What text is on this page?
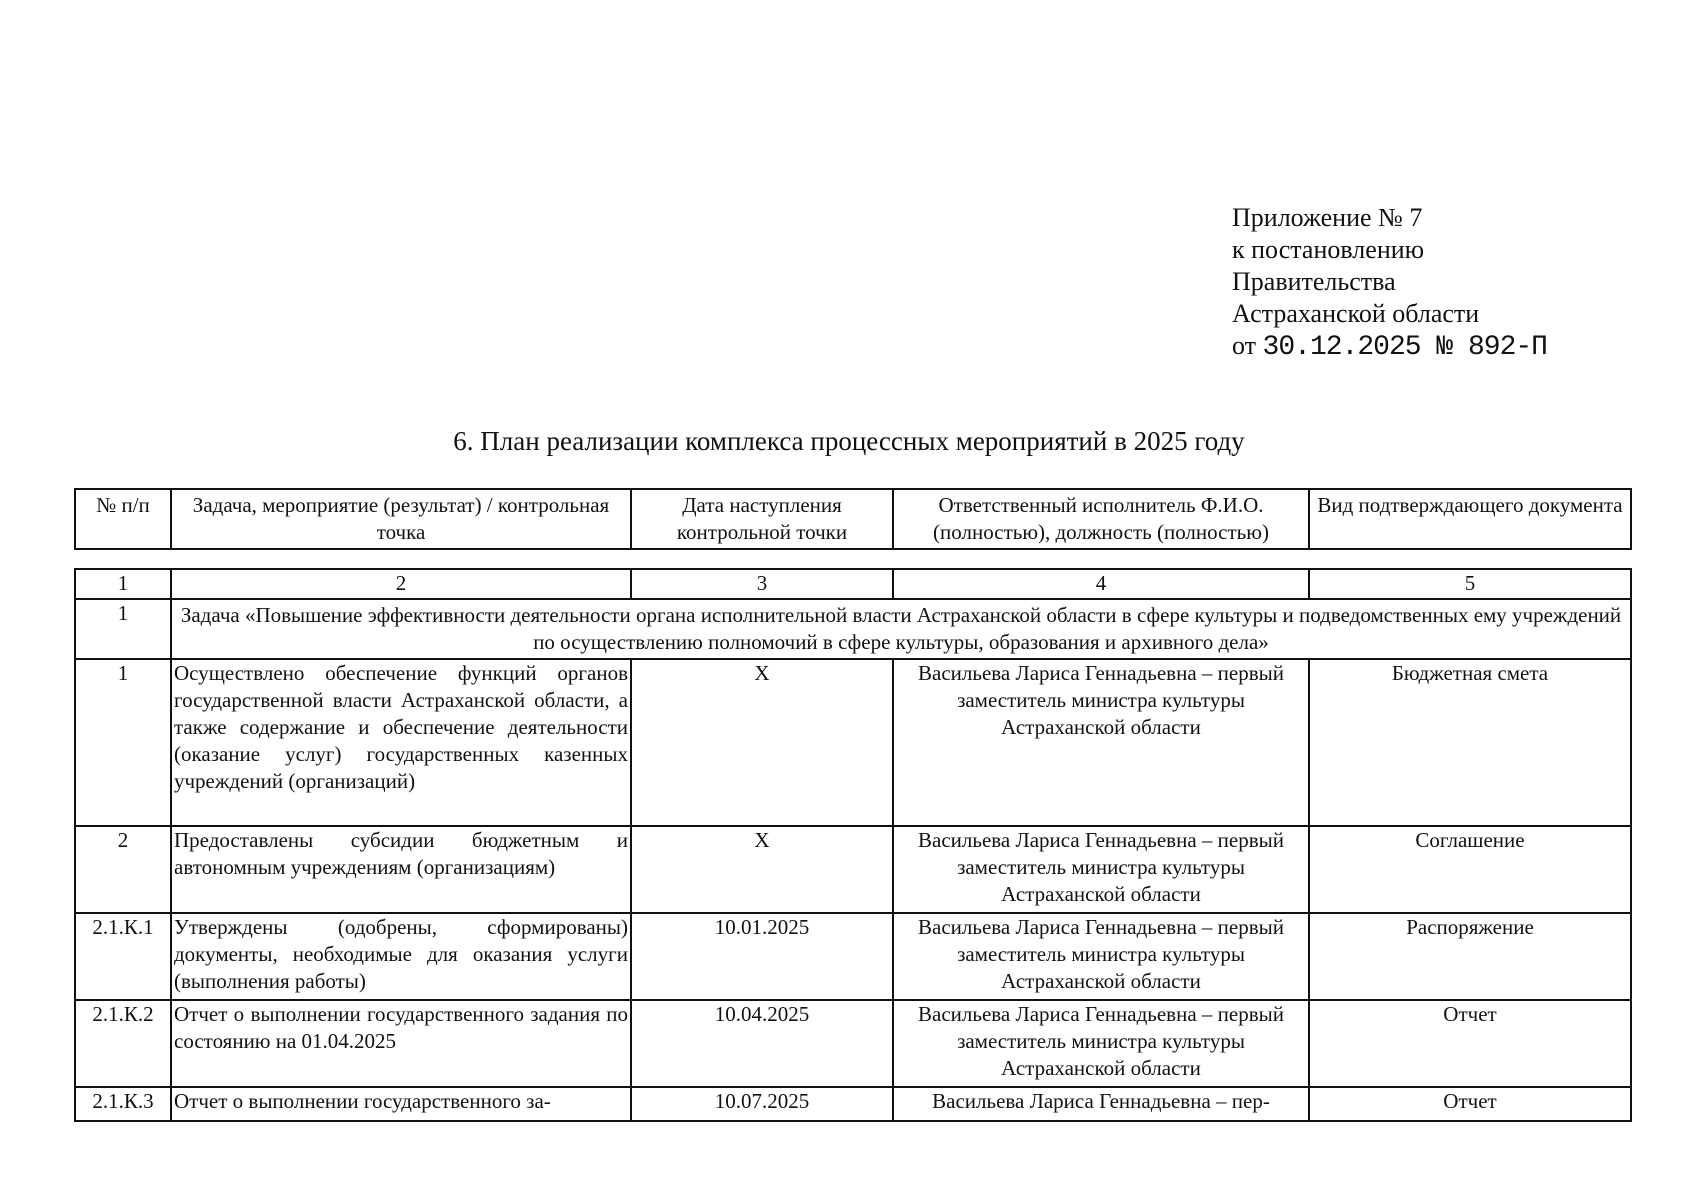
Приложение № 7
к постановлению
Правительства
Астраханской области
от 30.12.2025 № 892-П
6. План реализации комплекса процессных мероприятий в 2025 году
№ п/п	Задача, мероприятие (результат) / контрольная точка	Дата наступления контрольной точки	Ответственный исполнитель Ф.И.О. (полностью), должность (полностью)	Вид подтверждающего документа
1	2	3	4	5
1	Задача «Повышение эффективности деятельности органа исполнительной власти Астраханской области в сфере культуры и подведомственных ему учреждений по осуществлению полномочий в сфере культуры, образования и архивного дела»			
1	Осуществлено обеспечение функций органов государственной власти Астраханской области, а также содержание и обеспечение деятельности (оказание услуг) государственных казенных учреждений (организаций)	X	Васильева Лариса Геннадьевна – первый заместитель министра культуры Астраханской области	Бюджетная смета
2	Предоставлены субсидии бюджетным и автономным учреждениям (организациям)	X	Васильева Лариса Геннадьевна – первый заместитель министра культуры Астраханской области	Соглашение
2.1.К.1	Утверждены (одобрены, сформированы) документы, необходимые для оказания услуги (выполнения работы)	10.01.2025	Васильева Лариса Геннадьевна – первый заместитель министра культуры Астраханской области	Распоряжение
2.1.К.2	Отчет о выполнении государственного задания по состоянию на 01.04.2025	10.04.2025	Васильева Лариса Геннадьевна – первый заместитель министра культуры Астраханской области	Отчет
2.1.К.3	Отчет о выполнении государственного за-	10.07.2025	Васильева Лариса Геннадьевна – пер-	Отчет
